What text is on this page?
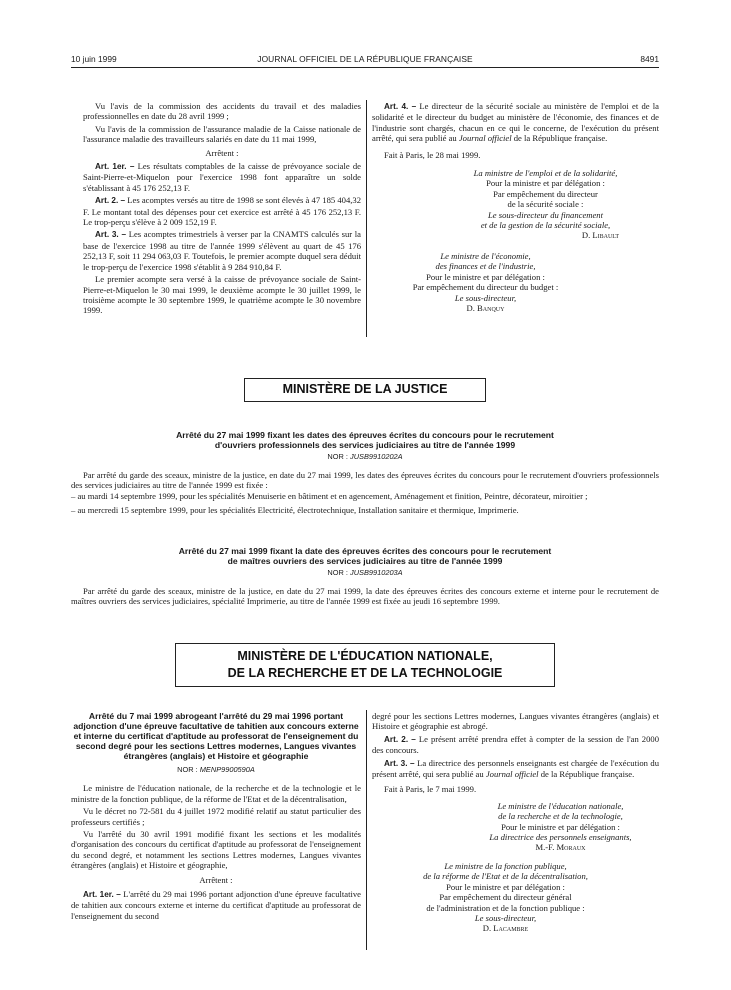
10 juin 1999	JOURNAL OFFICIEL DE LA RÉPUBLIQUE FRANÇAISE	8491

Vu l'avis de la commission des accidents du travail et des maladies professionnelles en date du 28 avril 1999 ;

Vu l'avis de la commission de l'assurance maladie de la Caisse nationale de l'assurance maladie des travailleurs salariés en date du 11 mai 1999,

Arrêtent :

Art. 1er. – Les résultats comptables de la caisse de prévoyance sociale de Saint-Pierre-et-Miquelon pour l'exercice 1998 font apparaître un solde s'établissant à 45 176 252,13 F.

Art. 2. – Les acomptes versés au titre de 1998 se sont élevés à 47 185 404,32 F. Le montant total des dépenses pour cet exercice est arrêté à 45 176 252,13 F. Le trop-perçu s'élève à 2 009 152,19 F.

Art. 3. – Les acomptes trimestriels à verser par la CNAMTS calculés sur la base de l'exercice 1998 au titre de l'année 1999 s'élèvent au quart de 45 176 252,13 F, soit 11 294 063,03 F. Toutefois, le premier acompte duquel sera déduit le trop-perçu de l'exercice 1998 s'établit à 9 284 910,84 F.

Le premier acompte sera versé à la caisse de prévoyance sociale de Saint-Pierre-et-Miquelon le 30 mai 1999, le deuxième acompte le 30 juillet 1999, le troisième acompte le 30 septembre 1999, le quatrième acompte le 30 novembre 1999.

Art. 4. – Le directeur de la sécurité sociale au ministère de l'emploi et de la solidarité et le directeur du budget au ministère de l'économie, des finances et de l'industrie sont chargés, chacun en ce qui le concerne, de l'exécution du présent arrêté, qui sera publié au Journal officiel de la République française.

Fait à Paris, le 28 mai 1999.

La ministre de l'emploi et de la solidarité,
Pour la ministre et par délégation :
Par empêchement du directeur
de la sécurité sociale :
Le sous-directeur du financement
et de la gestion de la sécurité sociale,
D. Libault
Le ministre de l'économie,
des finances et de l'industrie,
Pour le ministre et par délégation :
Par empêchement du directeur du budget :
Le sous-directeur,
D. Banquy
MINISTÈRE DE LA JUSTICE
Arrêté du 27 mai 1999 fixant les dates des épreuves écrites du concours pour le recrutement
d'ouvriers professionnels des services judiciaires au titre de l'année 1999
NOR : JUSB9910202A

Par arrêté du garde des sceaux, ministre de la justice, en date du 27 mai 1999, les dates des épreuves écrites du concours pour le recrutement d'ouvriers professionnels des services judiciaires au titre de l'année 1999 est fixée :

– au mardi 14 septembre 1999, pour les spécialités Menuiserie en bâtiment et en agencement, Aménagement et finition, Peintre, décorateur, miroitier ;

– au mercredi 15 septembre 1999, pour les spécialités Electricité, électrotechnique, Installation sanitaire et thermique, Imprimerie.

Arrêté du 27 mai 1999 fixant la date des épreuves écrites des concours pour le recrutement
de maîtres ouvriers des services judiciaires au titre de l'année 1999
NOR : JUSB9910203A

Par arrêté du garde des sceaux, ministre de la justice, en date du 27 mai 1999, la date des épreuves écrites des concours externe et interne pour le recrutement de maîtres ouvriers des services judiciaires, spécialité Imprimerie, au titre de l'année 1999 est fixée au jeudi 16 septembre 1999.

MINISTÈRE DE L'ÉDUCATION NATIONALE,
DE LA RECHERCHE ET DE LA TECHNOLOGIE

Arrêté du 7 mai 1999 abrogeant l'arrêté du 29 mai 1996 portant adjonction d'une épreuve facultative de tahitien aux concours externe et interne du certificat d'aptitude au professorat de l'enseignement du second degré pour les sections Lettres modernes, Langues vivantes étrangères (anglais) et Histoire et géographie

NOR : MENP9900590A

Le ministre de l'éducation nationale, de la recherche et de la technologie et le ministre de la fonction publique, de la réforme de l'Etat et de la décentralisation,

Vu le décret no 72-581 du 4 juillet 1972 modifié relatif au statut particulier des professeurs certifiés ;

Vu l'arrêté du 30 avril 1991 modifié fixant les sections et les modalités d'organisation des concours du certificat d'aptitude au professorat de l'enseignement du second degré, et notamment les sections Lettres modernes, Langues vivantes étrangères (anglais) et Histoire et géographie,

Arrêtent :

Art. 1er. – L'arrêté du 29 mai 1996 portant adjonction d'une épreuve facultative de tahitien aux concours externe et interne du certificat d'aptitude au professorat de l'enseignement du second

degré pour les sections Lettres modernes, Langues vivantes étrangères (anglais) et Histoire et géographie est abrogé.

Art. 2. – Le présent arrêté prendra effet à compter de la session de l'an 2000 des concours.

Art. 3. – La directrice des personnels enseignants est chargée de l'exécution du présent arrêté, qui sera publié au Journal officiel de la République française.

Fait à Paris, le 7 mai 1999.

Le ministre de l'éducation nationale,
de la recherche et de la technologie,
Pour le ministre et par délégation :
La directrice des personnels enseignants,
M.-F. Moraux
Le ministre de la fonction publique,
de la réforme de l'Etat et de la décentralisation,
Pour le ministre et par délégation :
Par empêchement du directeur général
de l'administration et de la fonction publique :
Le sous-directeur,
D. Lacambre
